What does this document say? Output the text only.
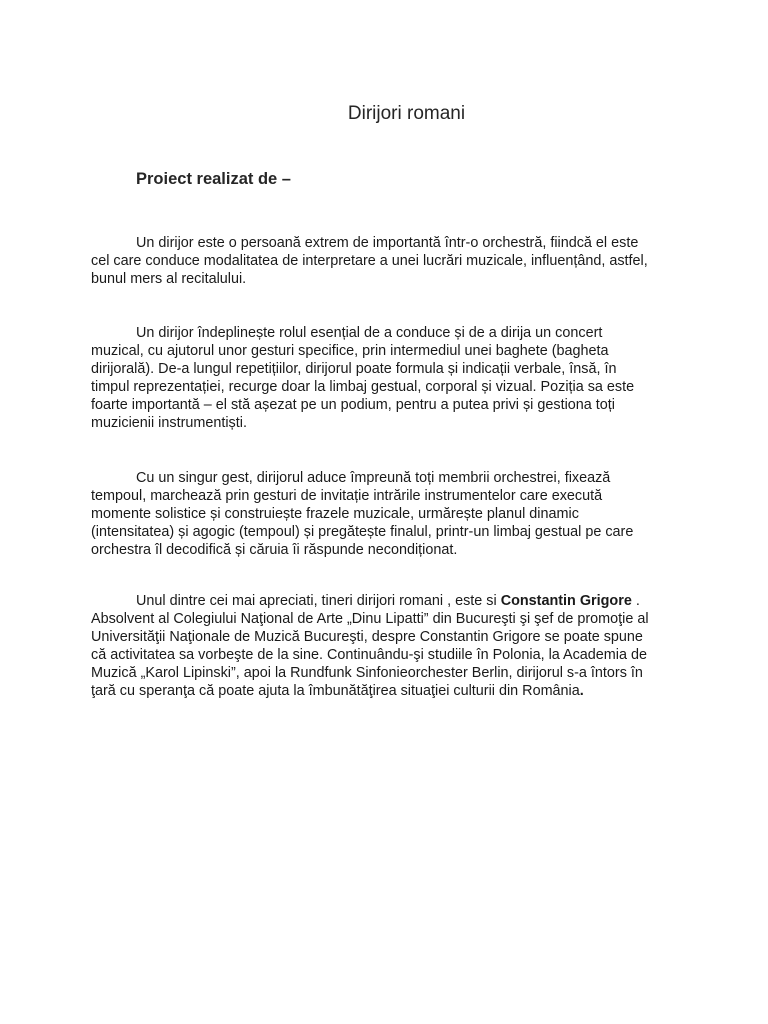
Dirijori romani
Proiect realizat de –

Un dirijor este o persoană extrem de importantă într-o orchestră, fiindcă el este
cel care conduce modalitatea de interpretare a unei lucrări muzicale, influențând, astfel,
bunul mers al recitalului.

Un dirijor îndeplinește rolul esențial de a conduce și de a dirija un concert
muzical, cu ajutorul unor gesturi specifice, prin intermediul unei baghete (bagheta
dirijorală). De-a lungul repetițiilor, dirijorul poate formula și indicații verbale, însă, în
timpul reprezentației, recurge doar la limbaj gestual, corporal și vizual. Poziția sa este
foarte importantă – el stă așezat pe un podium, pentru a putea privi și gestiona toți
muzicienii instrumentiști.

Cu un singur gest, dirijorul aduce împreună toți membrii orchestrei, fixează
tempoul, marchează prin gesturi de invitație intrările instrumentelor care execută
momente solistice și construiește frazele muzicale, urmărește planul dinamic
(intensitatea) și agogic (tempoul) și pregătește finalul, printr-un limbaj gestual pe care
orchestra îl decodifică și căruia îi răspunde necondiționat.

Unul dintre cei mai apreciati, tineri dirijori romani , este si Constantin Grigore .
Absolvent al Colegiului Naţional de Arte „Dinu Lipatti” din Bucureşti şi şef de promoţie al
Universităţii Naţionale de Muzică Bucureşti, despre Constantin Grigore se poate spune
că activitatea sa vorbeşte de la sine. Continuându-şi studiile în Polonia, la Academia de
Muzică „Karol Lipinski”, apoi la Rundfunk Sinfonieorchester Berlin, dirijorul s-a întors în
ţară cu speranţa că poate ajuta la îmbunătăţirea situaţiei culturii din România.
